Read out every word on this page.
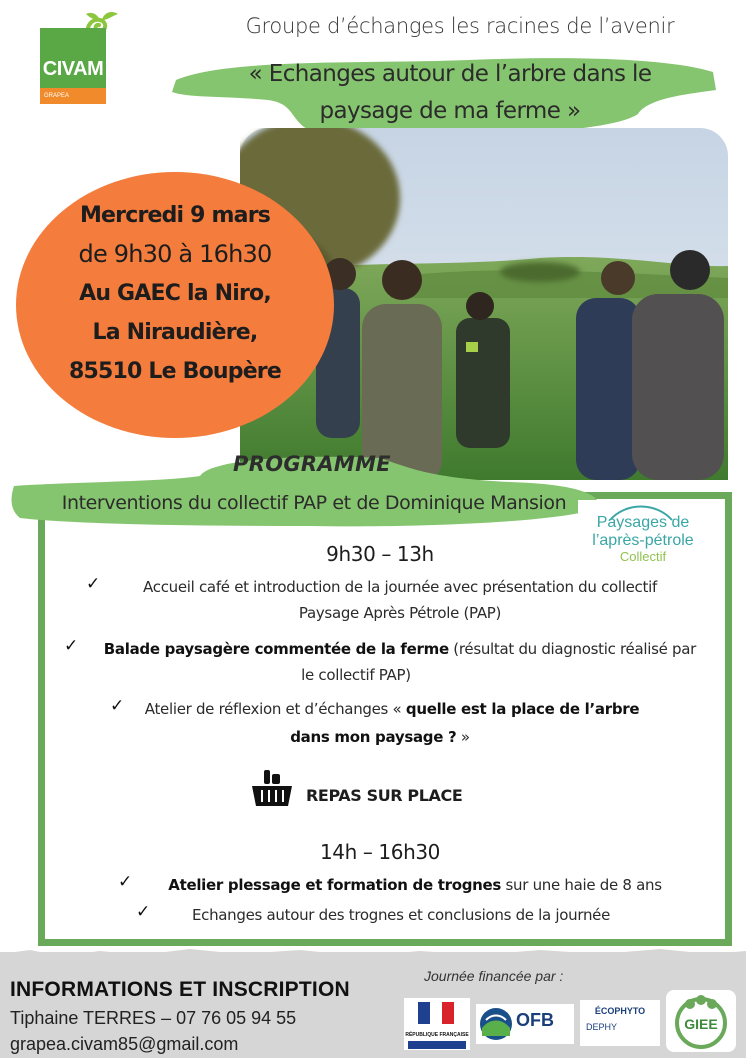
CIVAM
GRAPEA
Groupe d’échanges les racines de l’avenir
« Echanges autour de l’arbre dans le
paysage de ma ferme »
Mercredi 9 mars
de 9h30 à 16h30
Au GAEC la Niro,
La Niraudière,
85510 Le Boupère
PROGRAMME
Interventions du collectif PAP et de Dominique Mansion
Paysages de
l’après-pétrole
Collectif
9h30 – 13h
✓	Accueil café et introduction de la journée avec présentation du collectif
Paysage Après Pétrole (PAP)
✓	Balade paysagère commentée de la ferme (résultat du diagnostic réalisé par
le collectif PAP)
✓	Atelier de réflexion et d’échanges « quelle est la place de l’arbre
dans mon paysage ? »
REPAS SUR PLACE
14h – 16h30
✓	Atelier plessage et formation de trognes sur une haie de 8 ans
✓	Echanges autour des trognes et conclusions de la journée
INFORMATIONS ET INSCRIPTION
Tiphaine TERRES – 07 76 05 94 55
grapea.civam85@gmail.com
Journée financée par :
RÉPUBLIQUE FRANÇAISE
OFB	ÉCOPHYTO
DEPHY	GIEE
